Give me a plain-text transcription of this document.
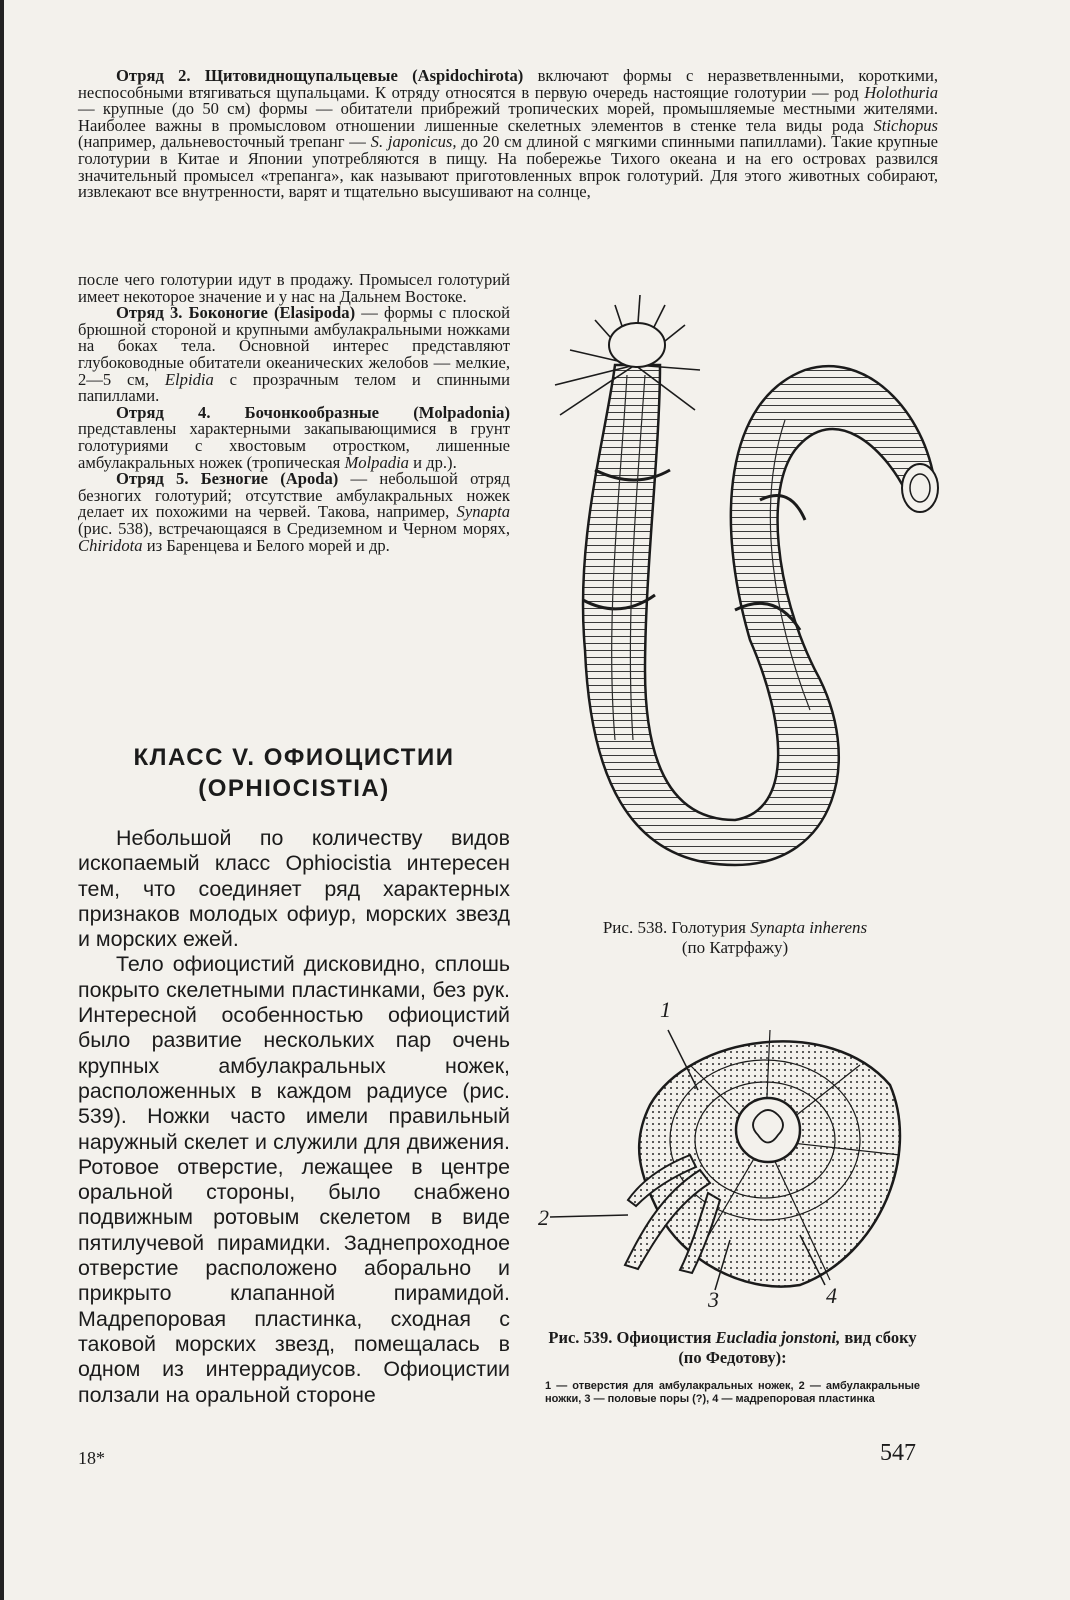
Отряд 2. Щитовиднощупальцевые (Aspidochirota) включают формы с неразветвленными, короткими, неспособными втягиваться щупальцами. К отряду относятся в первую очередь настоящие голотурии — род Holothuria — крупные (до 50 см) формы — обитатели прибрежий тропических морей, промышляемые местными жителями. Наиболее важны в промысловом отношении лишенные скелетных элементов в стенке тела виды рода Stichopus (например, дальневосточный трепанг — S. japonicus, до 20 см длиной с мягкими спинными папиллами). Такие крупные голотурии в Китае и Японии употребляются в пищу. На побережье Тихого океана и на его островах развился значительный промысел «трепанга», как называют приготовленных впрок голотурий. Для этого животных собирают, извлекают все внутренности, варят и тщательно высушивают на солнце,

после чего голотурии идут в продажу. Промысел голотурий имеет некоторое значение и у нас на Дальнем Востоке.

Отряд 3. Боконогие (Elasipoda) — формы с плоской брюшной стороной и крупными амбулакральными ножками на боках тела. Основной интерес представляют глубоководные обитатели океанических желобов — мелкие, 2—5 см, Elpidia с прозрачным телом и спинными папиллами.

Отряд 4. Бочонкообразные (Molpadonia) представлены характерными закапывающимися в грунт голотуриями с хвостовым отростком, лишенные амбулакральных ножек (тропическая Molpadia и др.).

Отряд 5. Безногие (Apoda) — небольшой отряд безногих голотурий; отсутствие амбулакральных ножек делает их похожими на червей. Такова, например, Synapta (рис. 538), встречающаяся в Средиземном и Черном морях, Chiridota из Баренцева и Белого морей и др.

КЛАСС V. ОФИОЦИСТИИ
(OPHIOCISTIA)

Небольшой по количеству видов ископаемый класс Ophiocistia интересен тем, что соединяет ряд характерных признаков молодых офиур, морских звезд и морских ежей.

Тело офиоцистий дисковидно, сплошь покрыто скелетными пластинками, без рук. Интересной особенностью офиоцистий было развитие нескольких пар очень крупных амбулакральных ножек, расположенных в каждом радиусе (рис. 539). Ножки часто имели правильный наружный скелет и служили для движения. Ротовое отверстие, лежащее в центре оральной стороны, было снабжено подвижным ротовым скелетом в виде пятилучевой пирамидки. Заднепроходное отверстие расположено аборально и прикрыто клапанной пирамидой. Мадрепоровая пластинка, сходная с таковой морских звезд, помещалась в одном из интеррадиусов. Офиоцистии ползали на оральной стороне

Рис. 538. Голотурия Synapta inherens
(по Катрфажу)
1
2
3	4
Рис. 539. Офиоцистия Eucladia jonstoni, вид сбоку (по Федотову):
1 — отверстия для амбулакральных ножек, 2 — амбулакральные ножки, 3 — половые поры (?), 4 — мадрепоровая пластинка
18*	547
